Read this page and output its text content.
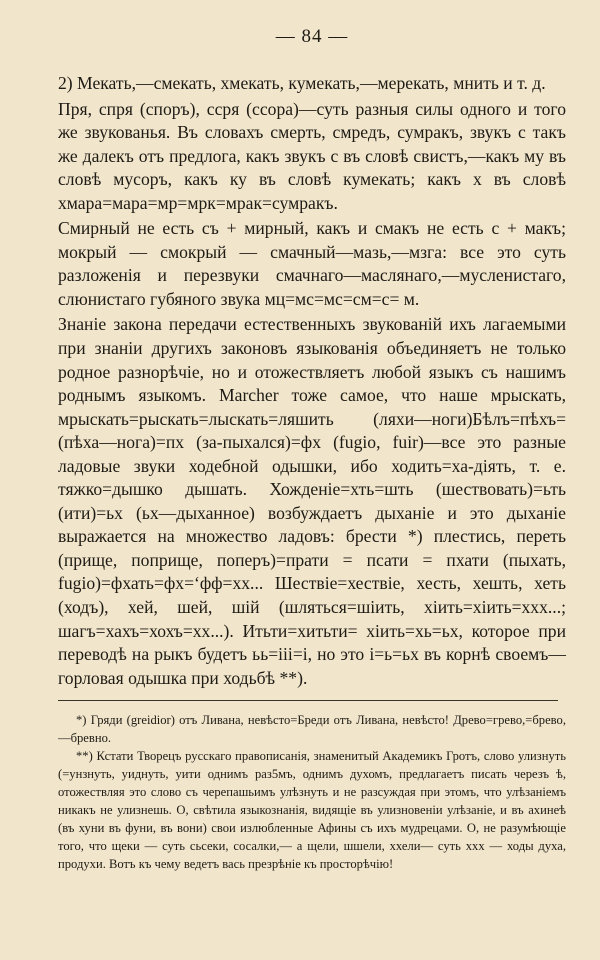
— 84 —

2) Мекать,—смекать, хмекать, кумекать,—мерекать, мнить и т. д.

Пря, спря (споръ), ссря (ссора)—суть разныя силы одного и того же звукованья. Въ словахъ смерть, смредъ, сумракъ, звукъ с такъ же далекъ отъ предлога, какъ звукъ с въ словѣ свистъ,—какъ му въ словѣ мусоръ, какъ ку въ словѣ кумекать; какъ х въ словѣ хмара=мара=мр=мрк=мрак=сумракъ.

Смирный не есть съ + мирный, какъ и смакъ не есть с + макъ; мокрый — смокрый — смачный—мазь,—мзга: все это суть разложенія и перезвуки смачнаго—маслянаго,—муcленистаго, слюнистаго губяного звука мц=мс=мс=см=с= м.

Знаніе закона передачи естественныхъ звукованій ихъ лагаемыми при знаніи другихъ законовъ языкованія объединяетъ не только родное разнорѣчіе, но и отожествляетъ любой языкъ съ нашимъ роднымъ языкомъ. Marcher тоже самое, что наше мрыскать, мрыскать=рыскать=лыскать=ляшить (ляхи—ноги)Бѣлъ=пѣхъ=(пѣха—нога)=пх (за-пыхался)=фх (fugio, fuir)—все это разные ладовые звуки ходебной одышки, ибо ходить=ха-діять, т. е. тяжко=дышко дышать. Хожденіе=хть=шть (шествовать)=ьть (ити)=ьх (ьх—дыханное) возбуждаетъ дыханіе и это дыханіе выражается на множество ладовъ: брести *) плестись, переть (прище, поприще, поперъ)=прати = псати = пхати (пыхать, fugio)=фхать=фх=‘фф=хх... Шествіе=хествіе, хесть, хешть, хеть (ходъ), хей, шей, шій (шляться=шіить, хіить=хіить=ххх...; шагъ=хахъ=хохъ=хх...). Итьти=хитьти= хіить=хь=ьх, которое при переводѣ на рыкъ будетъ ьь=ііі=і, но это і=ь=ьх въ корнѣ своемъ—горловая одышка при ходьбѣ **).

*) Гряди (greidior) отъ Ливана, невѣсто=Бреди отъ Ливана, невѣсто! Древо=грево,=брево,—бревно.

**) Кстати Творецъ русскаго правописанія, знаменитый Академикъ Гротъ, слово улизнуть (=унзнуть, уиднуть, уити однимъ раз5мъ, однимъ духомъ, предлагаетъ писать черезъ ѣ, отожествляя это слово съ черепашьимъ улѣзнуть и не разсуждая при этомъ, что улѣзаніемъ никакъ не улизнешь. О, свѣтила языкознанія, видящіе въ улизновеніи улѣзаніе, и въ ахинеѣ (въ хуни въ фуни, въ вони) свои излюбленные Афины съ ихъ мудрецами. О, не разумѣющіе того, что щеки — суть сьсеки, сосалки,— а щели, шшели, ххели— суть ххх — ходы духа, продухи. Вотъ къ чему ведетъ вась презрѣніе къ просторѣчію!
